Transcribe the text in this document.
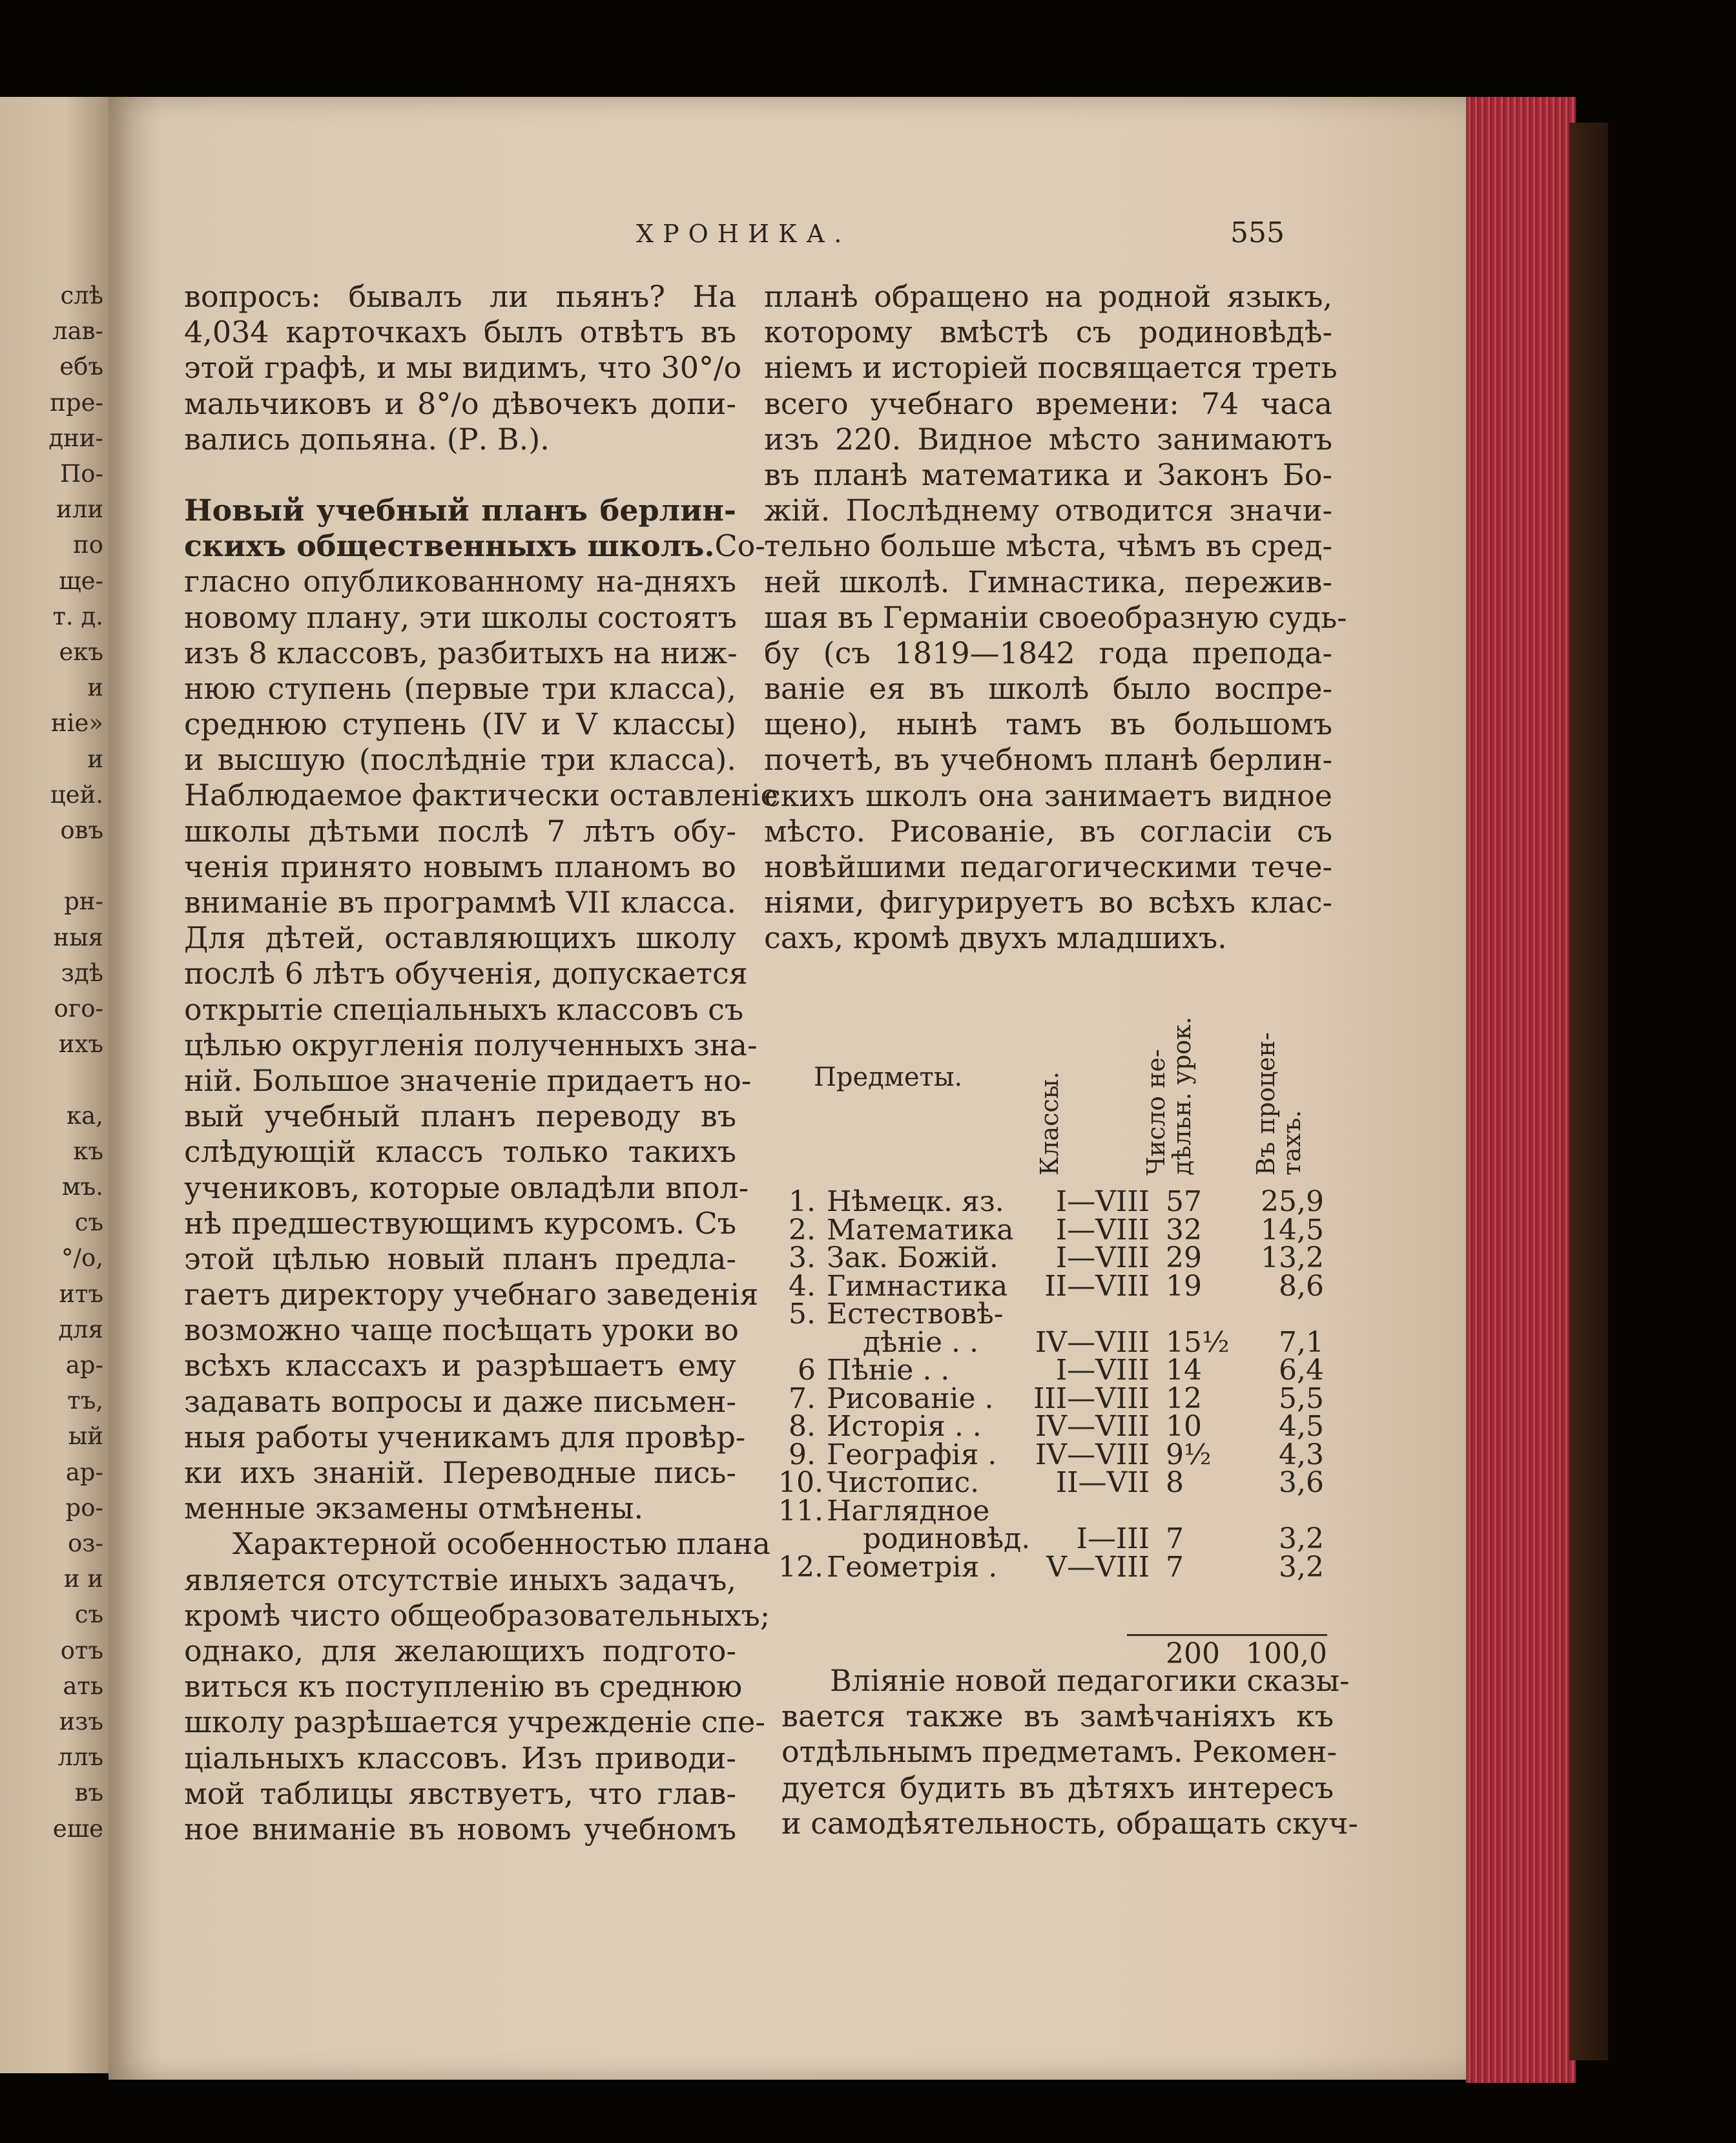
слѣ
лав-
ебъ
пре-
дни-
По-
или
по
ще-
т. д.
екъ
и
ніе»
и
цей.
овъ
рн-
ныя
здѣ
ого-
ихъ
ка,
къ
мъ.
съ
°/о,
итъ
для
ар-
тъ,
ый
ар-
ро-
оз-
и и
съ
отъ
ать
изъ
ллъ
въ
еше
ХРОНИКА.	555
вопросъ: бывалъ ли пьянъ? На
4,034 карточкахъ былъ отвѣтъ въ
этой графѣ, и мы видимъ, что 30°/о
мальчиковъ и 8°/о дѣвочекъ допи-
вались допьяна. (Р. В.).
Новый учебный планъ берлин-
скихъ общественныхъ школъ. Со-
гласно опубликованному на-дняхъ
новому плану, эти школы состоятъ
изъ 8 классовъ, разбитыхъ на ниж-
нюю ступень (первые три класса),
среднюю ступень (IV и V классы)
и высшую (послѣдніе три класса).
Наблюдаемое фактически оставленіе
школы дѣтьми послѣ 7 лѣтъ обу-
ченія принято новымъ планомъ во
вниманіе въ программѣ VII класса.
Для дѣтей, оставляющихъ школу
послѣ 6 лѣтъ обученія, допускается
открытіе спеціальныхъ классовъ съ
цѣлью округленія полученныхъ зна-
ній. Большое значеніе придаетъ но-
вый учебный планъ переводу въ
слѣдующій классъ только такихъ
учениковъ, которые овладѣли впол-
нѣ предшествующимъ курсомъ. Съ
этой цѣлью новый планъ предла-
гаетъ директору учебнаго заведенія
возможно чаще посѣщать уроки во
всѣхъ классахъ и разрѣшаетъ ему
задавать вопросы и даже письмен-
ныя работы ученикамъ для провѣр-
ки ихъ знаній. Переводные пись-
менные экзамены отмѣнены.
Характерной особенностью плана
является отсутствіе иныхъ задачъ,
кромѣ чисто общеобразовательныхъ;
однако, для желающихъ подгото-
виться къ поступленію въ среднюю
школу разрѣшается учрежденіе спе-
ціальныхъ классовъ. Изъ приводи-
мой таблицы явствуетъ, что глав-
ное вниманіе въ новомъ учебномъ
планѣ обращено на родной языкъ,
которому вмѣстѣ съ родиновѣдѣ-
ніемъ и исторіей посвящается треть
всего учебнаго времени: 74 часа
изъ 220. Видное мѣсто занимаютъ
въ планѣ математика и Законъ Бо-
жій. Послѣднему отводится значи-
тельно больше мѣста, чѣмъ въ сред-
ней школѣ. Гимнастика, пережив-
шая въ Германіи своеобразную судь-
бу (съ 1819—1842 года препода-
ваніе ея въ школѣ было воспре-
щено), нынѣ тамъ въ большомъ
почетѣ, въ учебномъ планѣ берлин-
скихъ школъ она занимаетъ видное
мѣсто. Рисованіе, въ согласіи съ
новѣйшими педагогическими тече-
ніями, фигурируетъ во всѣхъ клас-
сахъ, кромѣ двухъ младшихъ.
Предметы.	Классы.	Число не-
дѣльн. урок. Въ процен-
тахъ.
1. Нѣмецк. яз.	I—VIII 57	25,9
2. Математика	I—VIII 32	14,5
3. Зак. Божій.	I—VIII 29	13,2
4. Гимнастика	II—VIII 19	8,6
5. Естествовѣ-
дѣніе . .	IV—VIII 15½	7,1
6 Пѣніе . .	I—VIII 14	6,4
7. Рисованіе .	III—VIII 12	5,5
8. Исторія . .	IV—VIII 10	4,5
9. Географія .	IV—VIII 9½	4,3
10. Чистопис.	II—VII 8	3,6
11. Наглядное
родиновѣд.	I—III 7	3,2
12. Геометрія .	V—VIII 7	3,2
200 100,0
Вліяніе новой педагогики сказы-
вается также въ замѣчаніяхъ къ
отдѣльнымъ предметамъ. Рекомен-
дуется будить въ дѣтяхъ интересъ
и самодѣятельность, обращать скуч-
